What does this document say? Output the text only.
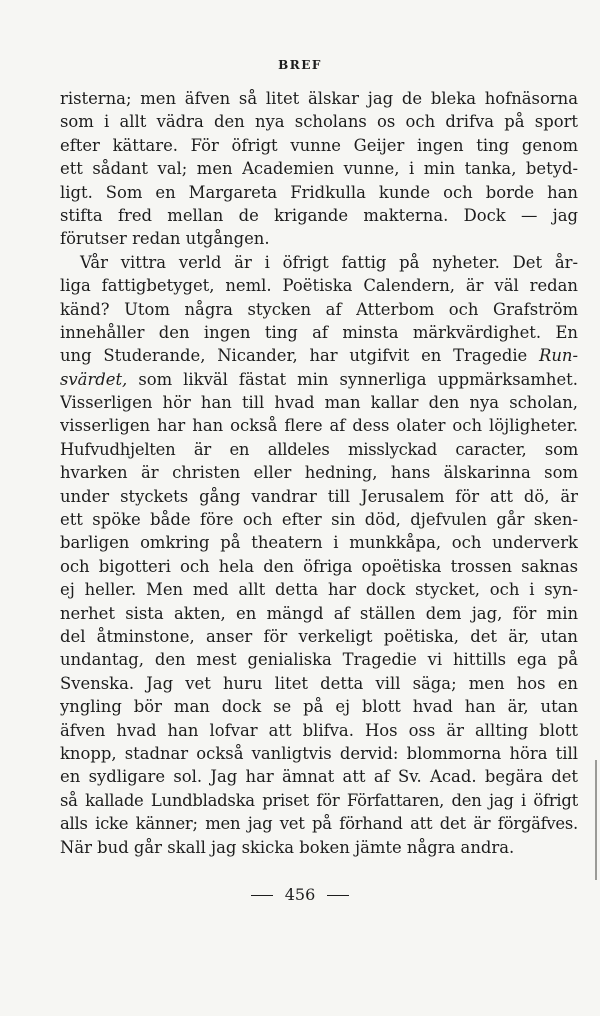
BREF
risterna; men äfven så litet älskar jag de bleka hofnäsorna
som i allt vädra den nya scholans os och drifva på sport
efter kättare. För öfrigt vunne Geijer ingen ting genom
ett sådant val; men Academien vunne, i min tanka, betyd-
ligt. Som en Margareta Fridkulla kunde och borde han
stifta fred mellan de krigande makterna. Dock — jag
förutser redan utgången.
Vår vittra verld är i öfrigt fattig på nyheter. Det år-
liga fattigbetyget, neml. Poëtiska Calendern, är väl redan
känd? Utom några stycken af Atterbom och Grafström
innehåller den ingen ting af minsta märkvärdighet. En
ung Studerande, Nicander, har utgifvit en Tragedie Run-
svärdet, som likväl fästat min synnerliga uppmärksamhet.
Visserligen hör han till hvad man kallar den nya scholan,
visserligen har han också flere af dess olater och löjligheter.
Hufvudhjelten är en alldeles misslyckad caracter, som
hvarken är christen eller hedning, hans älskarinna som
under styckets gång vandrar till Jerusalem för att dö, är
ett spöke både före och efter sin död, djefvulen går sken-
barligen omkring på theatern i munkkåpa, och underverk
och bigotteri och hela den öfriga opoëtiska trossen saknas
ej heller. Men med allt detta har dock stycket, och i syn-
nerhet sista akten, en mängd af ställen dem jag, för min
del åtminstone, anser för verkeligt poëtiska, det är, utan
undantag, den mest genialiska Tragedie vi hittills ega på
Svenska. Jag vet huru litet detta vill säga; men hos en
yngling bör man dock se på ej blott hvad han är, utan
äfven hvad han lofvar att blifva. Hos oss är allting blott
knopp, stadnar också vanligtvis dervid: blommorna höra till
en sydligare sol. Jag har ämnat att af Sv. Acad. begära det
så kallade Lundbladska priset för Författaren, den jag i öfrigt
alls icke känner; men jag vet på förhand att det är förgäfves.
När bud går skall jag skicka boken jämte några andra.
456
